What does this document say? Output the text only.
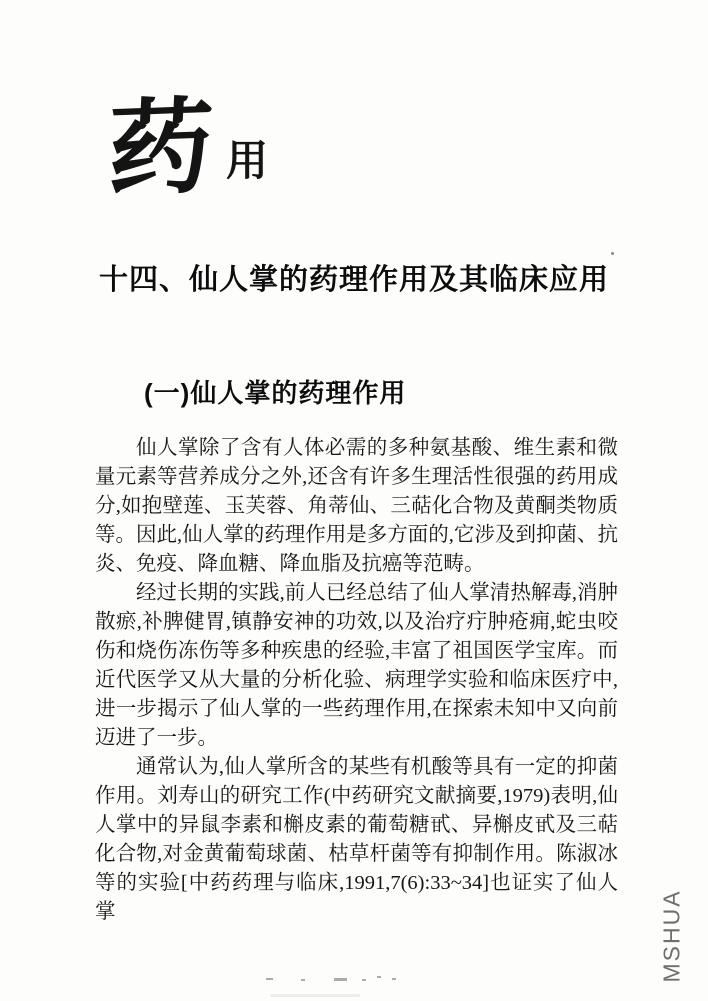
药 用
十四、仙人掌的药理作用及其临床应用
(一)仙人掌的药理作用

仙人掌除了含有人体必需的多种氨基酸、维生素和微量元素等营养成分之外,还含有许多生理活性很强的药用成分,如抱壁莲、玉芙蓉、角蒂仙、三萜化合物及黄酮类物质等。因此,仙人掌的药理作用是多方面的,它涉及到抑菌、抗炎、免疫、降血糖、降血脂及抗癌等范畴。

经过长期的实践,前人已经总结了仙人掌清热解毒,消肿散瘀,补脾健胃,镇静安神的功效,以及治疗疔肿疮痈,蛇虫咬伤和烧伤冻伤等多种疾患的经验,丰富了祖国医学宝库。而近代医学又从大量的分析化验、病理学实验和临床医疗中,进一步揭示了仙人掌的一些药理作用,在探索未知中又向前迈进了一步。

通常认为,仙人掌所含的某些有机酸等具有一定的抑菌作用。刘寿山的研究工作(中药研究文献摘要,1979)表明,仙人掌中的异鼠李素和槲皮素的葡萄糖甙、异槲皮甙及三萜化合物,对金黄葡萄球菌、枯草杆菌等有抑制作用。陈淑冰等的实验[中药药理与临床,1991,7(6):33~34]也证实了仙人掌	MSHUA
